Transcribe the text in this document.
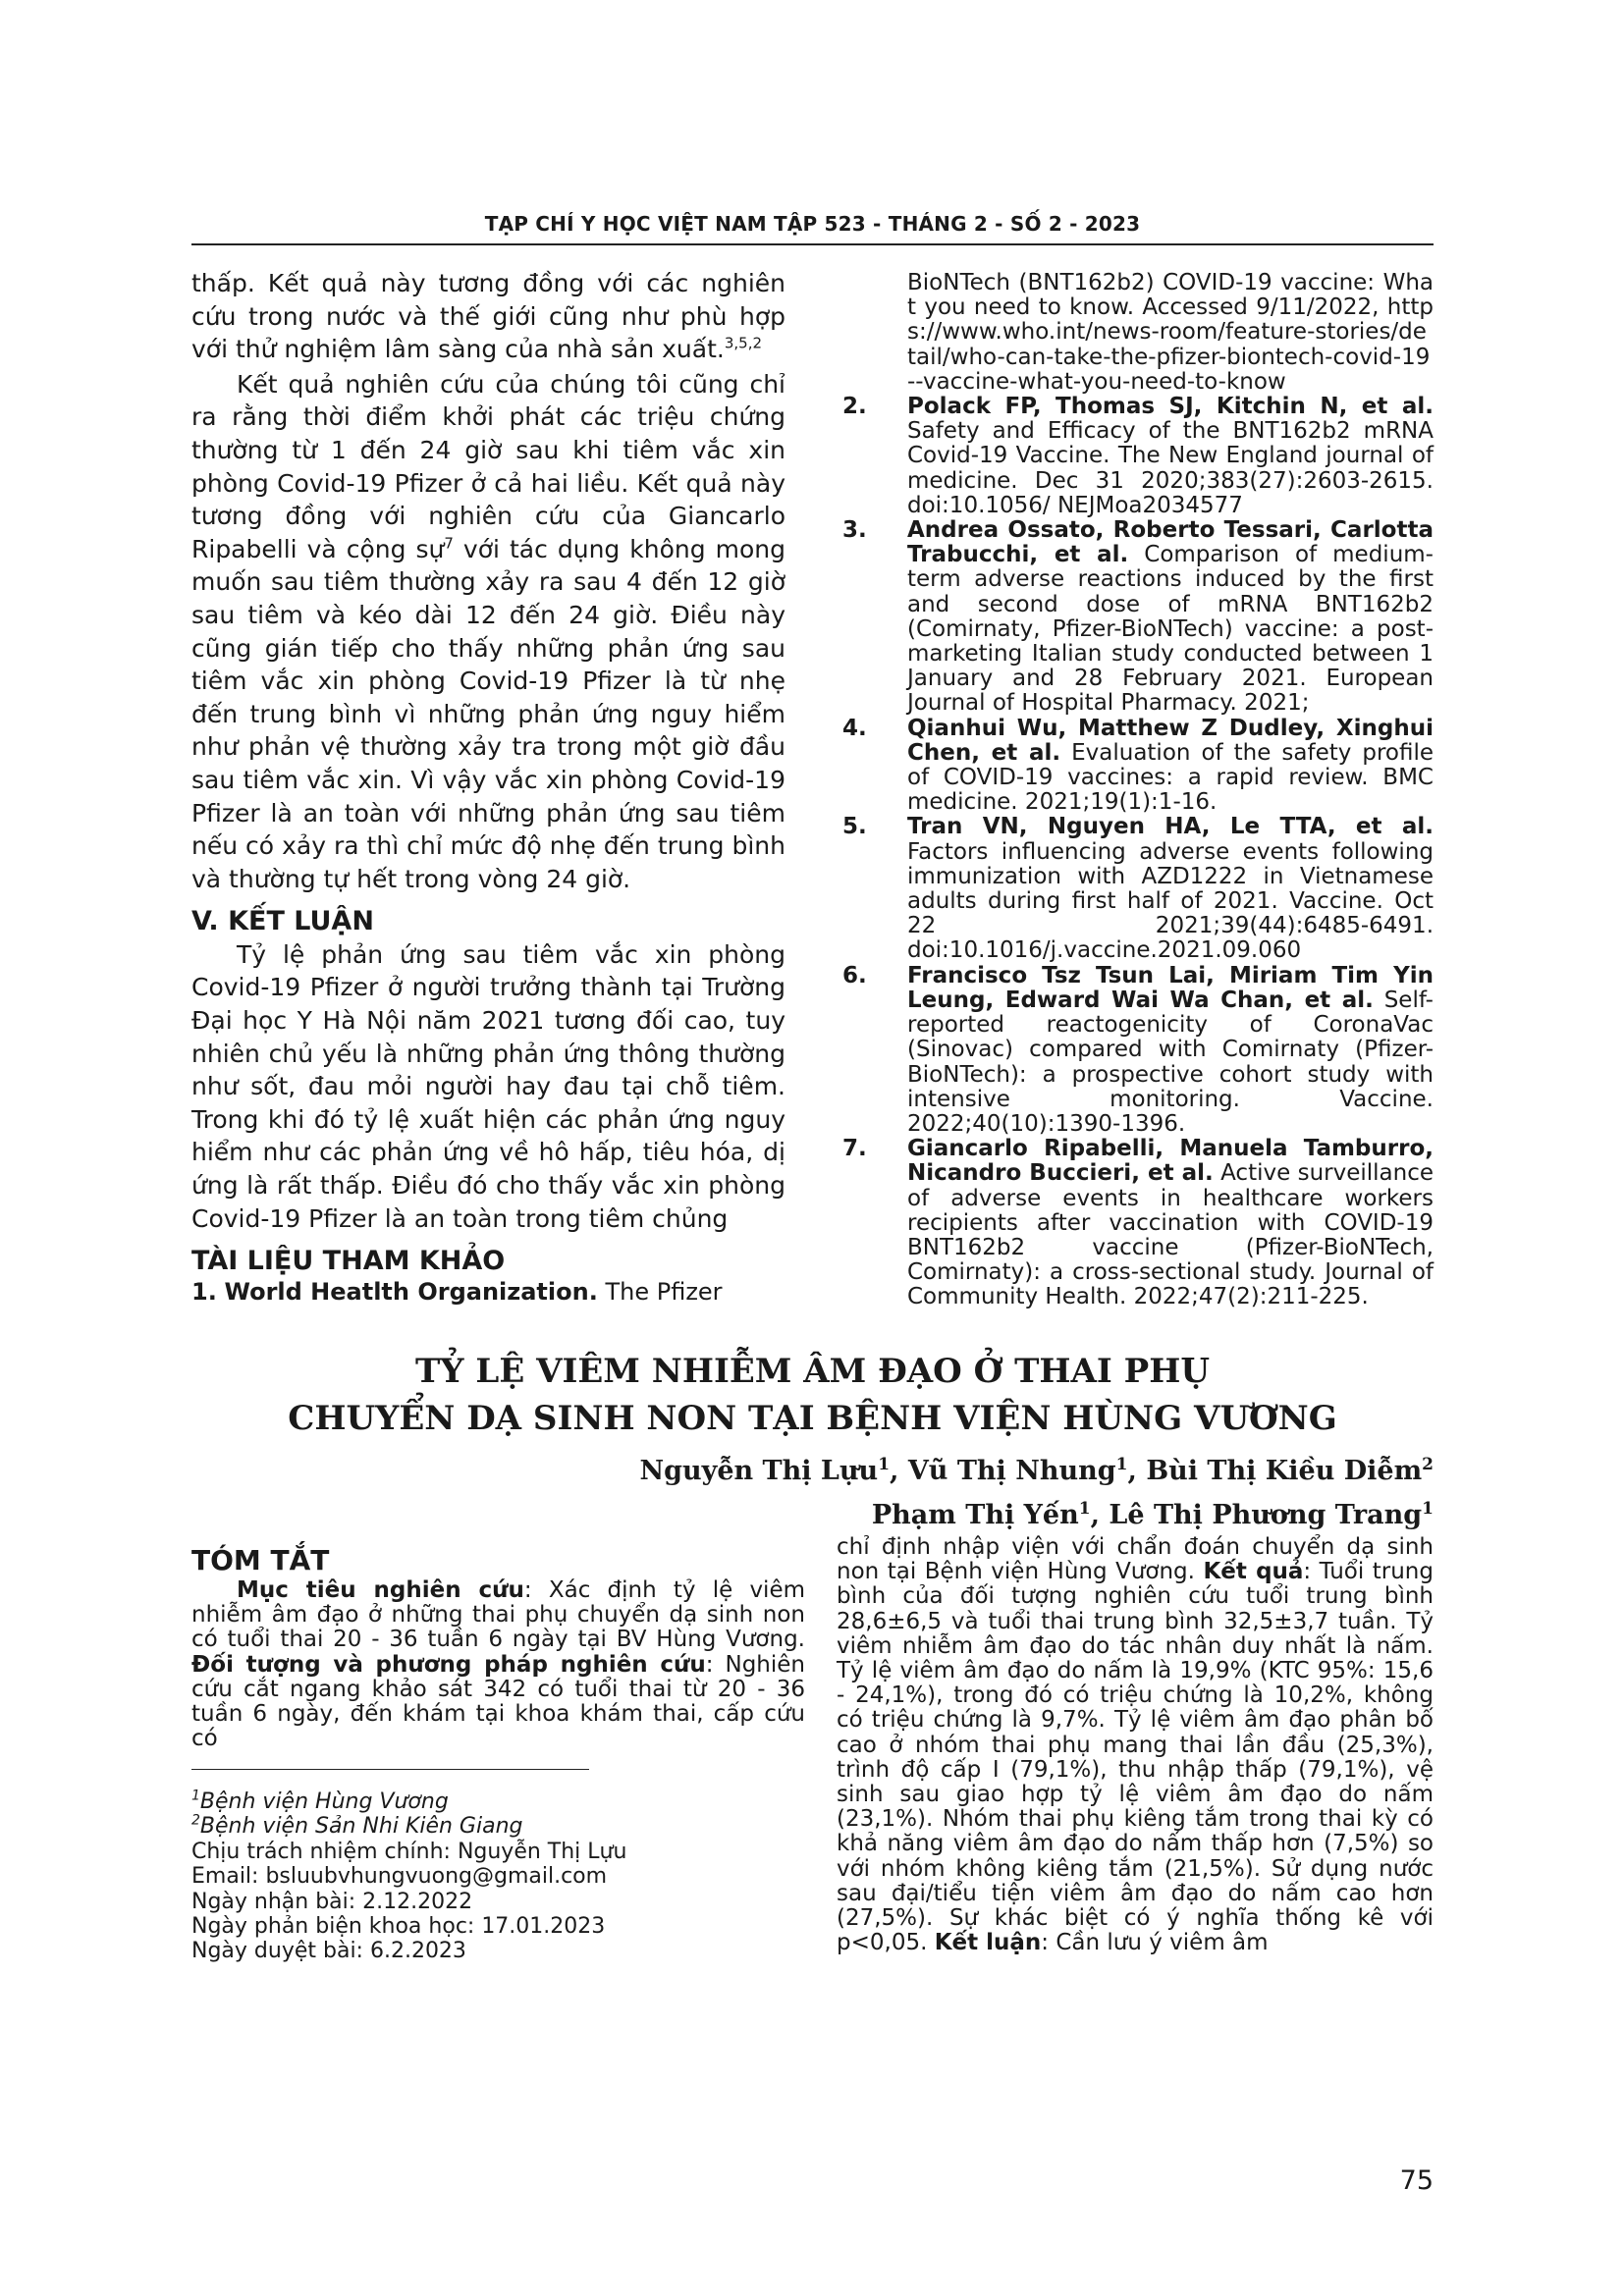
TẠP CHÍ Y HỌC VIỆT NAM TẬP 523 - THÁNG 2 - SỐ 2 - 2023

thấp. Kết quả này tương đồng với các nghiên cứu trong nước và thế giới cũng như phù hợp với thử nghiệm lâm sàng của nhà sản xuất.$^{3,5,2}$

Kết quả nghiên cứu của chúng tôi cũng chỉ ra rằng thời điểm khởi phát các triệu chứng thường từ 1 đến 24 giờ sau khi tiêm vắc xin phòng Covid-19 Pfizer ở cả hai liều. Kết quả này tương đồng với nghiên cứu của Giancarlo Ripabelli và cộng sự$^7$ với tác dụng không mong muốn sau tiêm thường xảy ra sau 4 đến 12 giờ sau tiêm và kéo dài 12 đến 24 giờ. Điều này cũng gián tiếp cho thấy những phản ứng sau tiêm vắc xin phòng Covid-19 Pfizer là từ nhẹ đến trung bình vì những phản ứng nguy hiểm như phản vệ thường xảy tra trong một giờ đầu sau tiêm vắc xin. Vì vậy vắc xin phòng Covid-19 Pfizer là an toàn với những phản ứng sau tiêm nếu có xảy ra thì chỉ mức độ nhẹ đến trung bình và thường tự hết trong vòng 24 giờ.

V. KẾT LUẬN

Tỷ lệ phản ứng sau tiêm vắc xin phòng Covid-19 Pfizer ở người trưởng thành tại Trường Đại học Y Hà Nội năm 2021 tương đối cao, tuy nhiên chủ yếu là những phản ứng thông thường như sốt, đau mỏi người hay đau tại chỗ tiêm. Trong khi đó tỷ lệ xuất hiện các phản ứng nguy hiểm như các phản ứng về hô hấp, tiêu hóa, dị ứng là rất thấp. Điều đó cho thấy vắc xin phòng Covid-19 Pfizer là an toàn trong tiêm chủng

TÀI LIỆU THAM KHẢO
1. World Heatlth Organization. The Pfizer
BioNTech (BNT162b2) COVID-19 vaccine: What you need to know. Accessed 9/11/2022, https://www.who.int/news-room/feature-stories/detail/who-can-take-the-pfizer-biontech-covid-19--vaccine-what-you-need-to-know
2. Polack FP, Thomas SJ, Kitchin N, et al. Safety and Efficacy of the BNT162b2 mRNA Covid-19 Vaccine. The New England journal of medicine. Dec 31 2020;383(27):2603-2615. doi:10.1056/ NEJMoa2034577
3. Andrea Ossato, Roberto Tessari, Carlotta Trabucchi, et al. Comparison of medium-term adverse reactions induced by the first and second dose of mRNA BNT162b2 (Comirnaty, Pfizer-BioNTech) vaccine: a post-marketing Italian study conducted between 1 January and 28 February 2021. European Journal of Hospital Pharmacy. 2021;
4. Qianhui Wu, Matthew Z Dudley, Xinghui Chen, et al. Evaluation of the safety profile of COVID-19 vaccines: a rapid review. BMC medicine. 2021;19(1):1-16.
5. Tran VN, Nguyen HA, Le TTA, et al. Factors influencing adverse events following immunization with AZD1222 in Vietnamese adults during first half of 2021. Vaccine. Oct 22 2021;39(44):6485-6491. doi:10.1016/j.vaccine.2021.09.060
6. Francisco Tsz Tsun Lai, Miriam Tim Yin Leung, Edward Wai Wa Chan, et al. Self-reported reactogenicity of CoronaVac (Sinovac) compared with Comirnaty (Pfizer-BioNTech): a prospective cohort study with intensive monitoring. Vaccine. 2022;40(10):1390-1396.
7. Giancarlo Ripabelli, Manuela Tamburro, Nicandro Buccieri, et al. Active surveillance of adverse events in healthcare workers recipients after vaccination with COVID-19 BNT162b2 vaccine (Pfizer-BioNTech, Comirnaty): a cross-sectional study. Journal of Community Health. 2022;47(2):211-225.
TỶ LỆ VIÊM NHIỄM ÂM ĐẠO Ở THAI PHỤ
CHUYỂN DẠ SINH NON TẠI BỆNH VIỆN HÙNG VƯƠNG
Nguyễn Thị Lựu$^1$, Vũ Thị Nhung$^1$, Bùi Thị Kiều Diễm$^2$
Phạm Thị Yến$^1$, Lê Thị Phương Trang$^1$
TÓM TẮT

Mục tiêu nghiên cứu: Xác định tỷ lệ viêm nhiễm âm đạo ở những thai phụ chuyển dạ sinh non có tuổi thai 20 - 36 tuần 6 ngày tại BV Hùng Vương. Đối tượng và phương pháp nghiên cứu: Nghiên cứu cắt ngang khảo sát 342 có tuổi thai từ 20 - 36 tuần 6 ngày, đến khám tại khoa khám thai, cấp cứu có

chỉ định nhập viện với chẩn đoán chuyển dạ sinh non tại Bệnh viện Hùng Vương. Kết quả: Tuổi trung bình của đối tượng nghiên cứu tuổi trung bình 28,6±6,5 và tuổi thai trung bình 32,5±3,7 tuần. Tỷ viêm nhiễm âm đạo do tác nhân duy nhất là nấm. Tỷ lệ viêm âm đạo do nấm là 19,9% (KTC 95%: 15,6 - 24,1%), trong đó có triệu chứng là 10,2%, không có triệu chứng là 9,7%. Tỷ lệ viêm âm đạo phân bố cao ở nhóm thai phụ mang thai lần đầu (25,3%), trình độ cấp I (79,1%), thu nhập thấp (79,1%), vệ sinh sau giao hợp tỷ lệ viêm âm đạo do nấm (23,1%). Nhóm thai phụ kiêng tắm trong thai kỳ có khả năng viêm âm đạo do nấm thấp hơn (7,5%) so với nhóm không kiêng tắm (21,5%). Sử dụng nước sau đại/tiểu tiện viêm âm đạo do nấm cao hơn (27,5%). Sự khác biệt có ý nghĩa thống kê với p<0,05. Kết luận: Cần lưu ý viêm âm

$^1$Bệnh viện Hùng Vương
$^2$Bệnh viện Sản Nhi Kiên Giang
Chịu trách nhiệm chính: Nguyễn Thị Lựu
Email: bsluubvhungvuong@gmail.com
Ngày nhận bài: 2.12.2022
Ngày phản biện khoa học: 17.01.2023
Ngày duyệt bài: 6.2.2023
75
